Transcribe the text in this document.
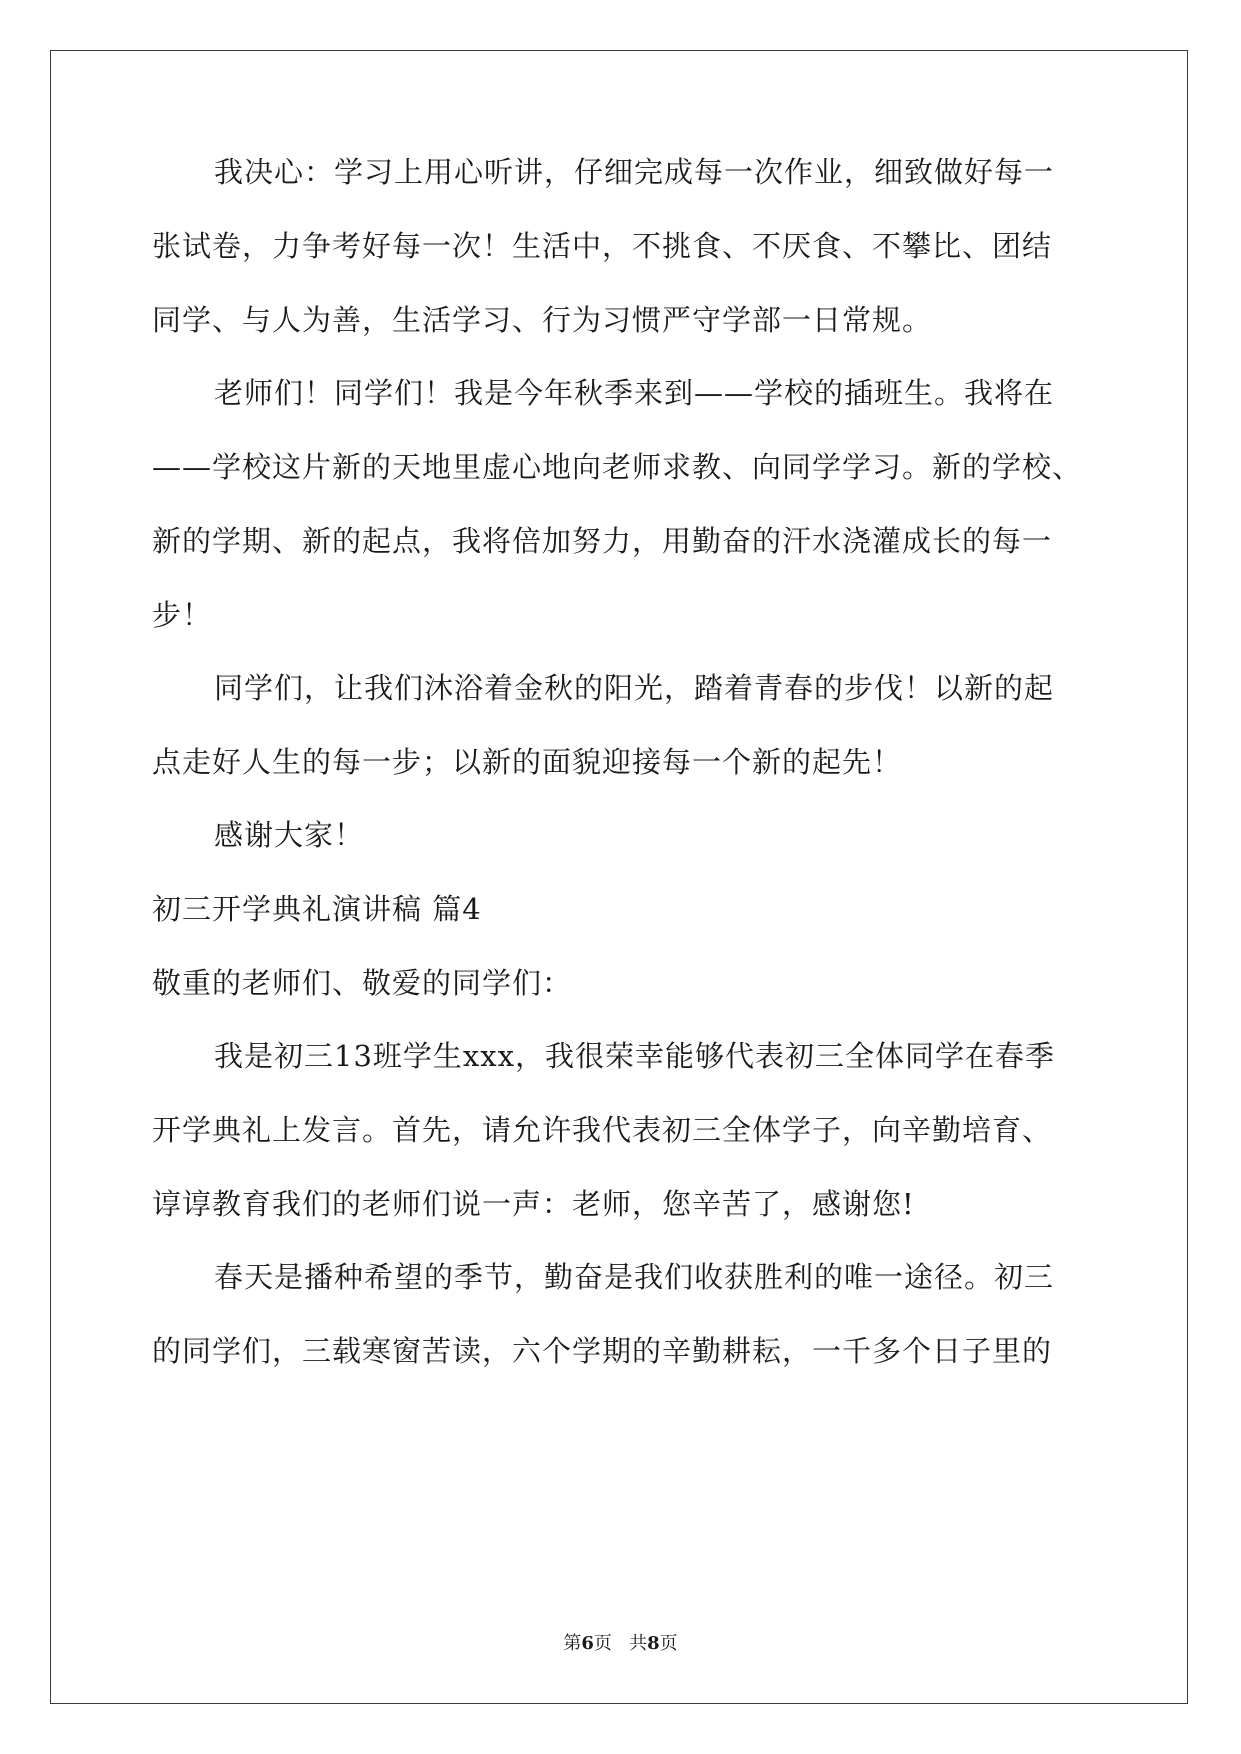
我决心：学习上用心听讲，仔细完成每一次作业，细致做好每一
张试卷，力争考好每一次！生活中，不挑食、不厌食、不攀比、团结
同学、与人为善，生活学习、行为习惯严守学部一日常规。
老师们！同学们！我是今年秋季来到——学校的插班生。我将在
——学校这片新的天地里虚心地向老师求教、向同学学习。新的学校、
新的学期、新的起点，我将倍加努力，用勤奋的汗水浇灌成长的每一
步！
同学们，让我们沐浴着金秋的阳光，踏着青春的步伐！以新的起
点走好人生的每一步；以新的面貌迎接每一个新的起先！
感谢大家！
初三开学典礼演讲稿 篇4
敬重的老师们、敬爱的同学们：
我是初三13班学生xxx，我很荣幸能够代表初三全体同学在春季
开学典礼上发言。首先，请允许我代表初三全体学子，向辛勤培育、
谆谆教育我们的老师们说一声：老师，您辛苦了，感谢您!
春天是播种希望的季节，勤奋是我们收获胜利的唯一途径。初三
的同学们，三载寒窗苦读，六个学期的辛勤耕耘，一千多个日子里的
第6页 共8页
